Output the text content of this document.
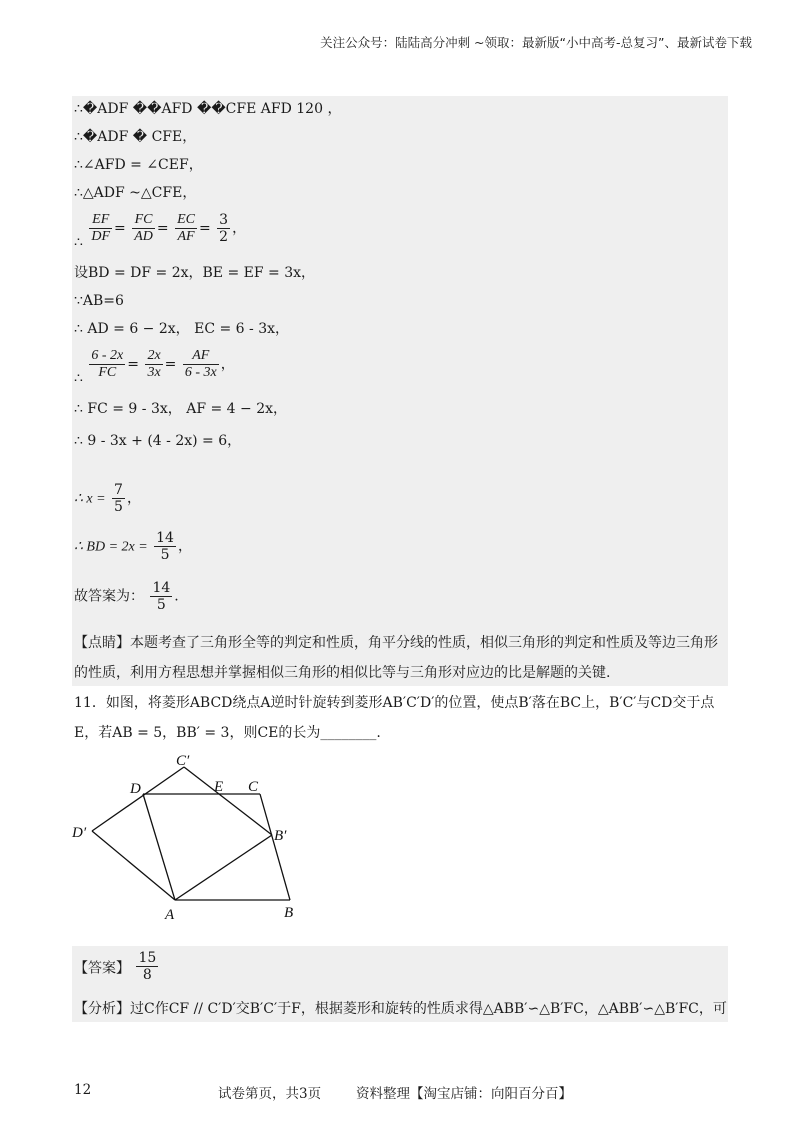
关注公众号：陆陆高分冲刺 ~领取：最新版“小中高考-总复习”、最新试卷下载
∴�ADF ��AFD ��CFE AFD 120 ，
∴�ADF � CFE，
∴∠AFD = ∠CEF，
∴△ADF ~△CFE，
∴ $\frac{EF}{DF} = \frac{FC}{AD} = \frac{EC}{AF} = \frac{3}{2}$ ，
设BD = DF = 2x，BE = EF = 3x，
∵AB=6
∴ AD = 6 − 2x， EC = 6 - 3x，
∴ $\frac{6 - 2x}{FC} = \frac{2x}{3x} = \frac{AF}{6 - 3x}$ ，
∴ FC = 9 - 3x， AF = 4 − 2x，
∴ 9 - 3x + (4 - 2x) = 6，
∴ $x = \frac{7}{5}$ ，
∴ BD = $2x = \frac{14}{5}$ ，
故答案为： $\frac{14}{5}$ .
【点睛】本题考查了三角形全等的判定和性质，角平分线的性质，相似三角形的判定和性质及等边三角形
的性质，利用方程思想并掌握相似三角形的相似比等与三角形对应边的比是解题的关键.
11．如图，将菱形ABCD绕点A逆时针旋转到菱形AB′C′D′的位置，使点B′落在BC上，B′C′与CD交于点
E，若AB = 5，BB′ = 3，则CE的长为________.
A	B
C
D	E
B′
C′
D′
【答案】 $\frac{15}{8}$
【分析】过C作CF // C′D′交B′C′于F，根据菱形和旋转的性质求得△ABB′∽△B′FC，△ABB′∽△B′FC，可
12	试卷第页，共3页	资料整理【淘宝店铺：向阳百分百】
